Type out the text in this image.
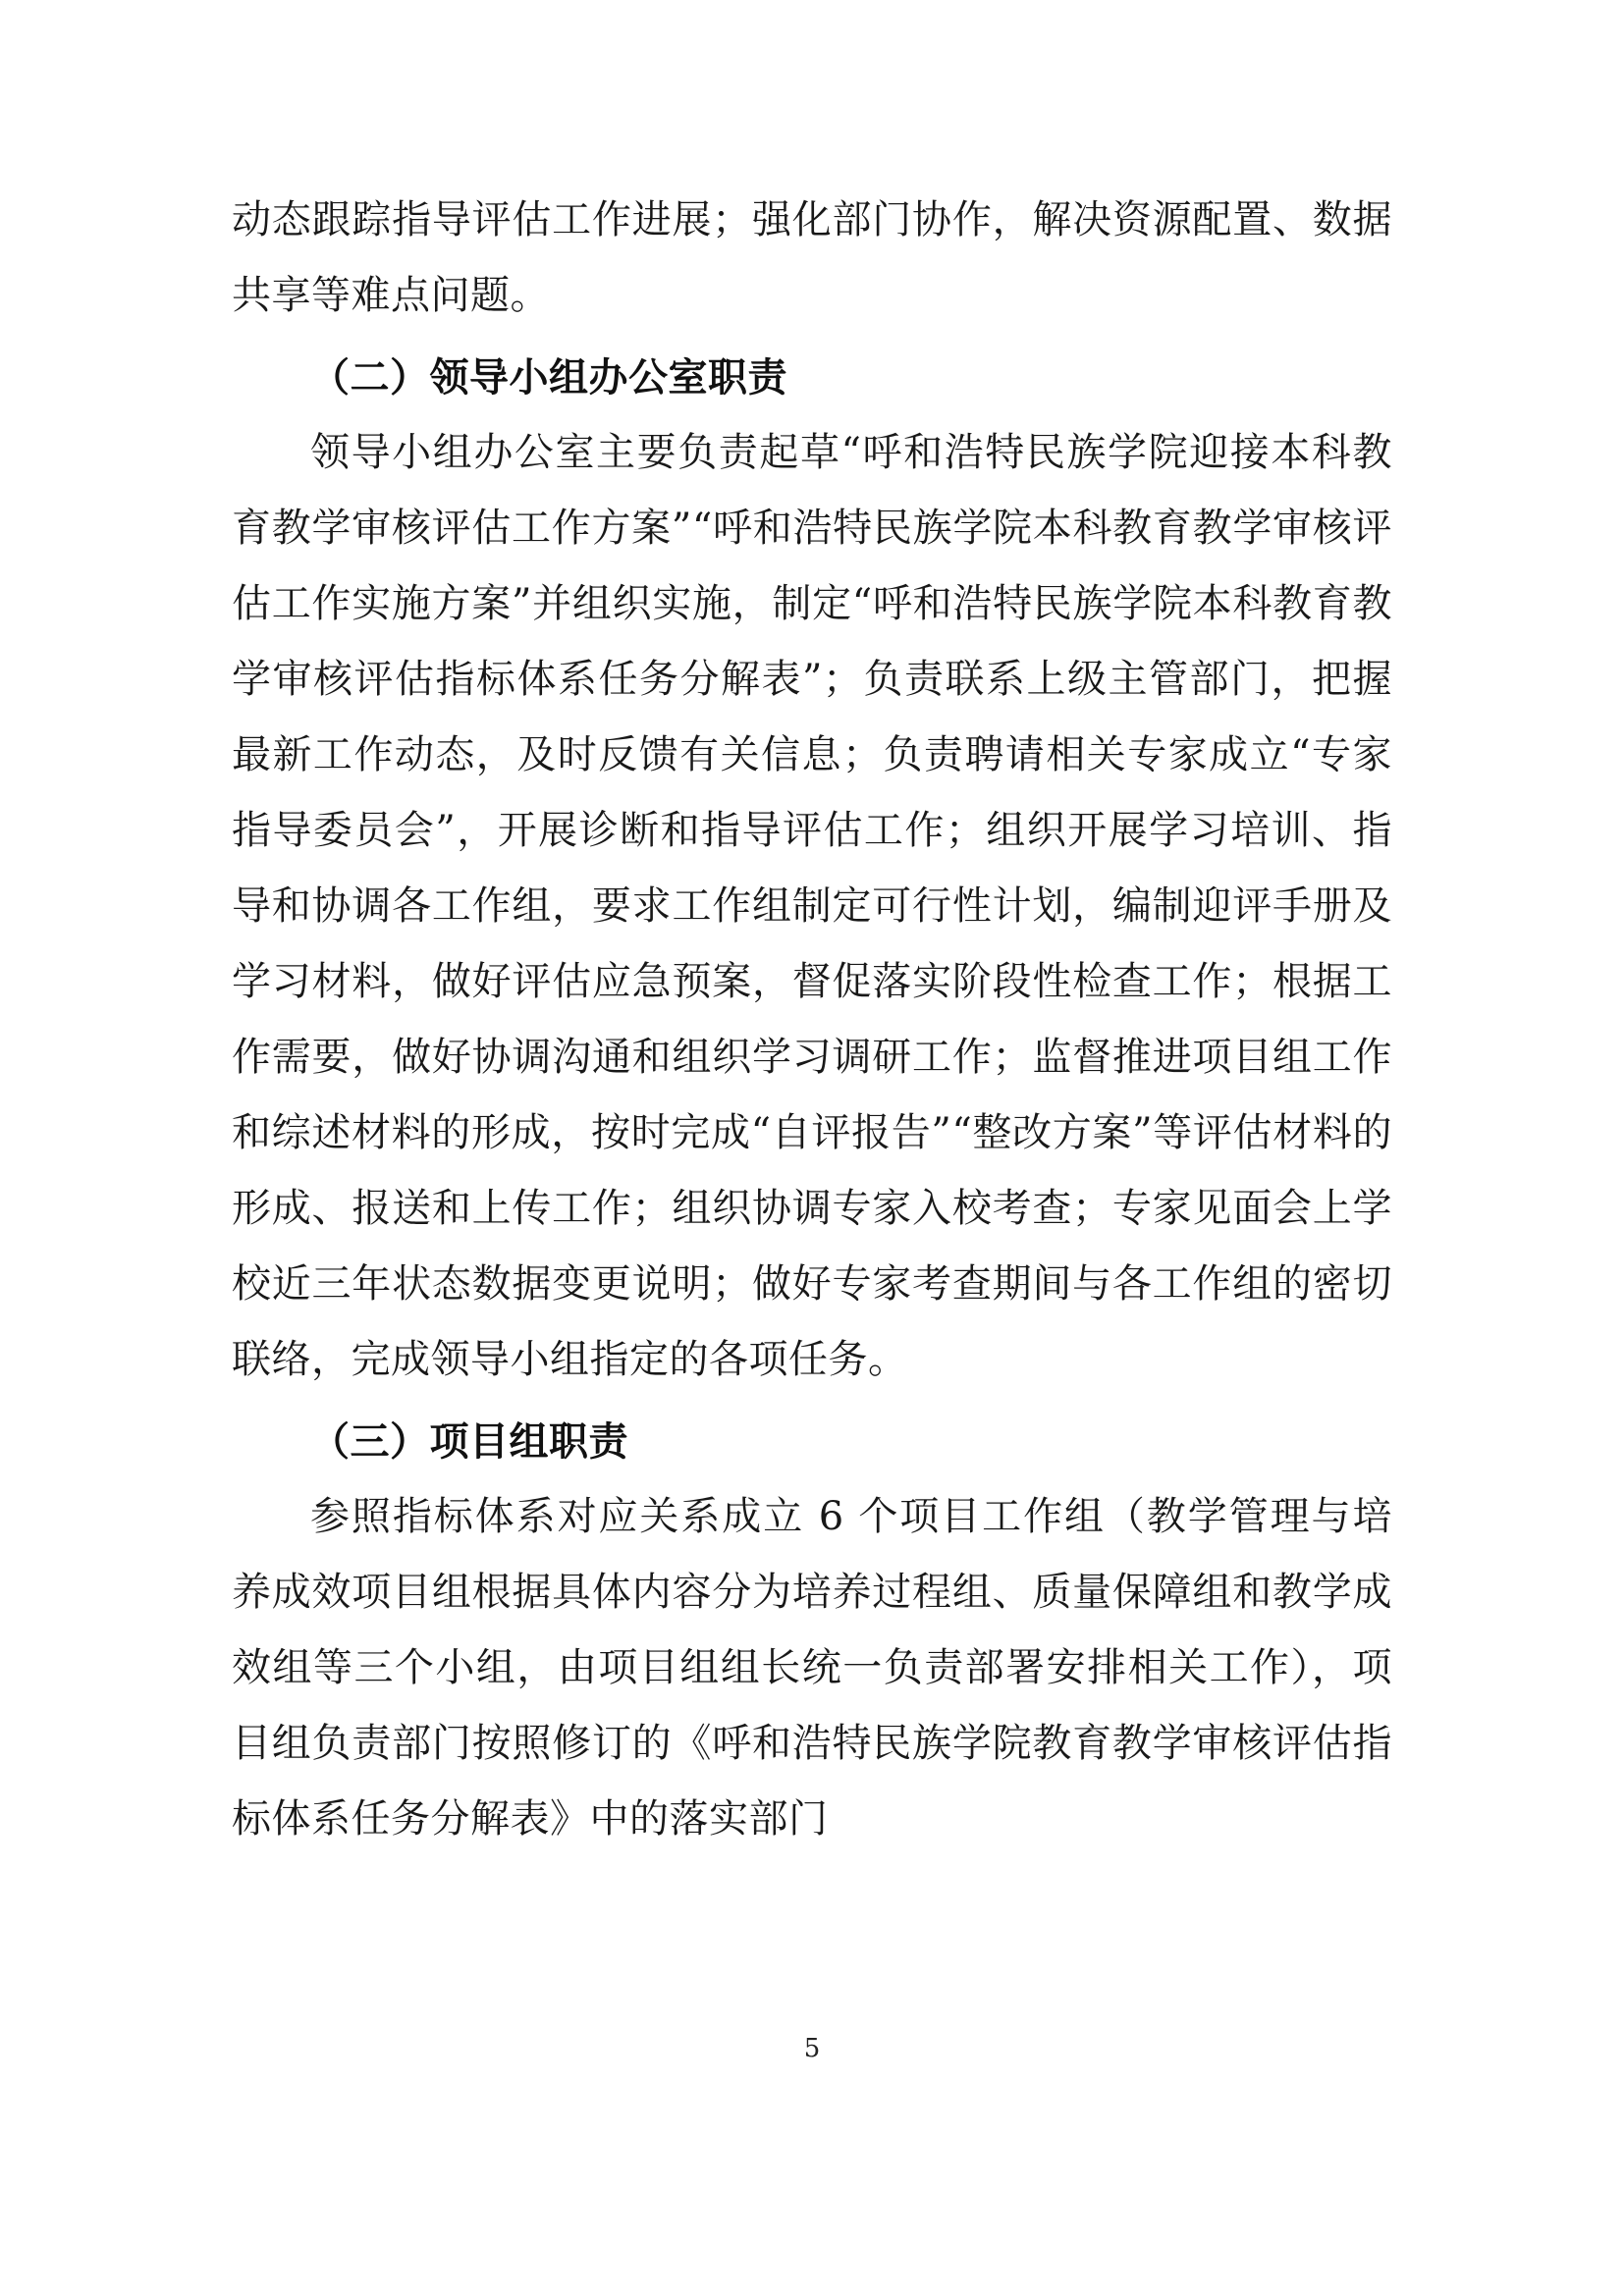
动态跟踪指导评估工作进展；强化部门协作，解决资源配置、数据共享等难点问题。

（二）领导小组办公室职责

领导小组办公室主要负责起草“呼和浩特民族学院迎接本科教育教学审核评估工作方案”“呼和浩特民族学院本科教育教学审核评估工作实施方案”并组织实施，制定“呼和浩特民族学院本科教育教学审核评估指标体系任务分解表”；负责联系上级主管部门，把握最新工作动态，及时反馈有关信息；负责聘请相关专家成立“专家指导委员会”，开展诊断和指导评估工作；组织开展学习培训、指导和协调各工作组，要求工作组制定可行性计划，编制迎评手册及学习材料，做好评估应急预案，督促落实阶段性检查工作；根据工作需要，做好协调沟通和组织学习调研工作；监督推进项目组工作和综述材料的形成，按时完成“自评报告”“整改方案”等评估材料的形成、报送和上传工作；组织协调专家入校考查；专家见面会上学校近三年状态数据变更说明；做好专家考查期间与各工作组的密切联络，完成领导小组指定的各项任务。

（三）项目组职责

参照指标体系对应关系成立 6 个项目工作组（教学管理与培养成效项目组根据具体内容分为培养过程组、质量保障组和教学成效组等三个小组，由项目组组长统一负责部署安排相关工作），项目组负责部门按照修订的《呼和浩特民族学院教育教学审核评估指标体系任务分解表》中的落实部门

5
